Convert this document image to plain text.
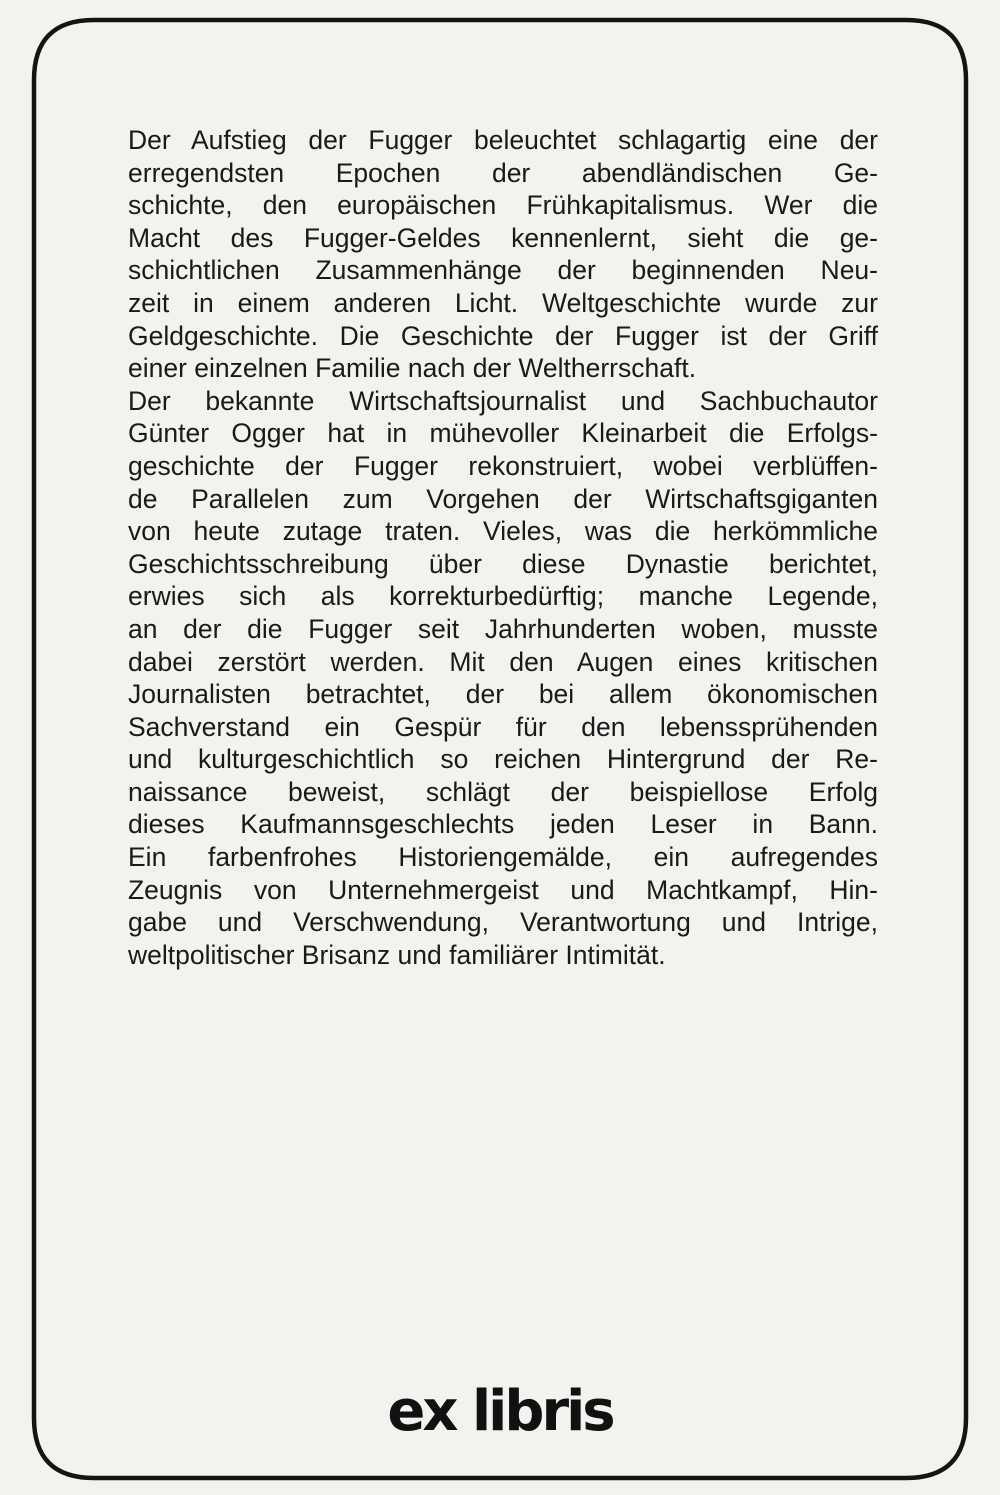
Der Aufstieg der Fugger beleuchtet schlagartig eine der
erregendsten Epochen der abendländischen Ge-
schichte, den europäischen Frühkapitalismus. Wer die
Macht des Fugger-Geldes kennenlernt, sieht die ge-
schichtlichen Zusammenhänge der beginnenden Neu-
zeit in einem anderen Licht. Weltgeschichte wurde zur
Geldgeschichte. Die Geschichte der Fugger ist der Griff
einer einzelnen Familie nach der Weltherrschaft.
Der bekannte Wirtschaftsjournalist und Sachbuchautor
Günter Ogger hat in mühevoller Kleinarbeit die Erfolgs-
geschichte der Fugger rekonstruiert, wobei verblüffen-
de Parallelen zum Vorgehen der Wirtschaftsgiganten
von heute zutage traten. Vieles, was die herkömmliche
Geschichtsschreibung über diese Dynastie berichtet,
erwies sich als korrekturbedürftig; manche Legende,
an der die Fugger seit Jahrhunderten woben, musste
dabei zerstört werden. Mit den Augen eines kritischen
Journalisten betrachtet, der bei allem ökonomischen
Sachverstand ein Gespür für den lebenssprühenden
und kulturgeschichtlich so reichen Hintergrund der Re-
naissance beweist, schlägt der beispiellose Erfolg
dieses Kaufmannsgeschlechts jeden Leser in Bann.
Ein farbenfrohes Historiengemälde, ein aufregendes
Zeugnis von Unternehmergeist und Machtkampf, Hin-
gabe und Verschwendung, Verantwortung und Intrige,
weltpolitischer Brisanz und familiärer Intimität.
ex libris
